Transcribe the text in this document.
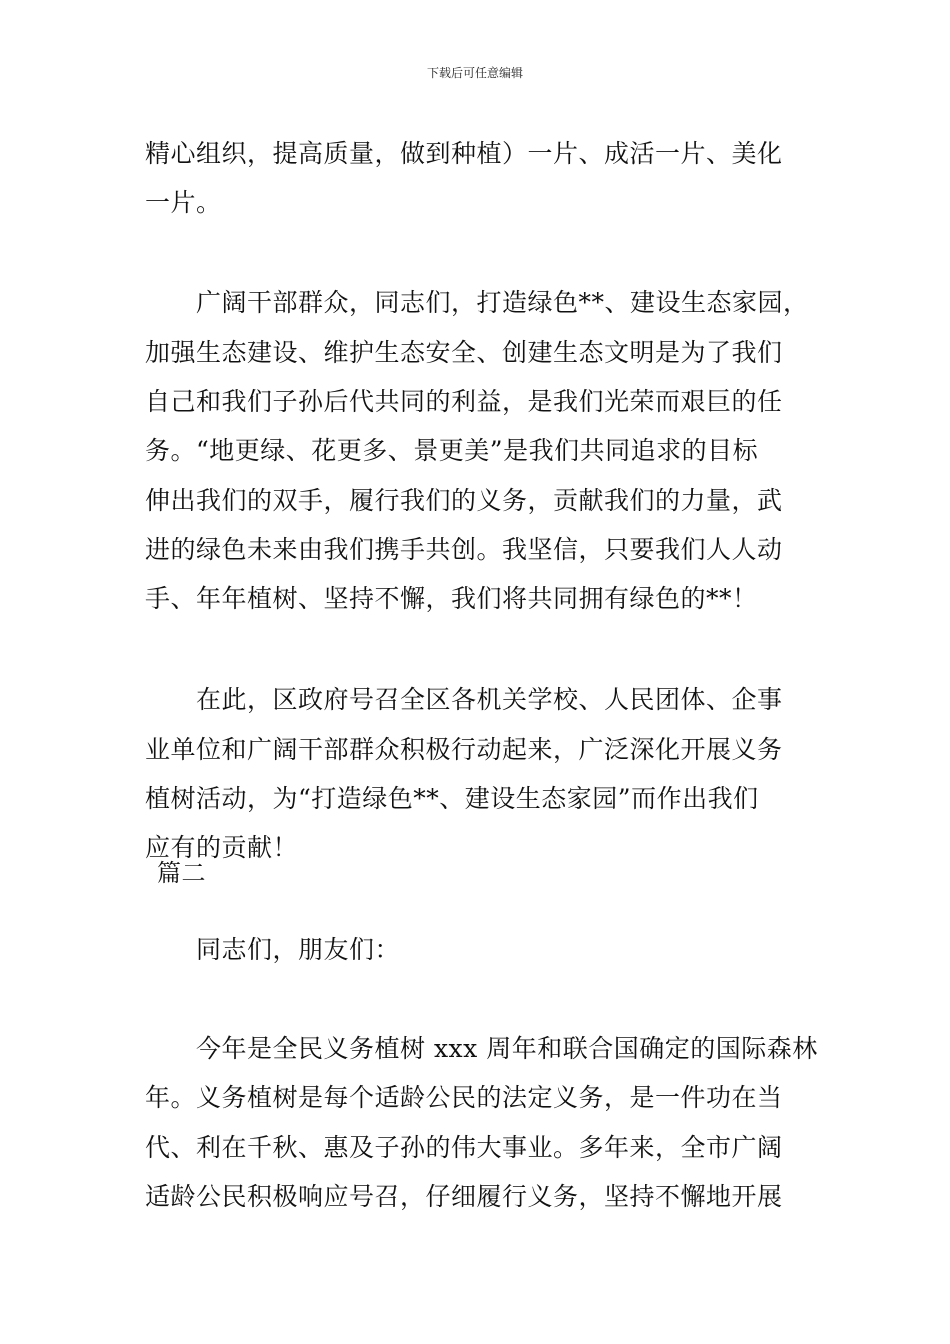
下载后可任意编辑
精心组织，提高质量，做到种植）一片、成活一片、美化
一片。
广阔干部群众，同志们，打造绿色**、建设生态家园，
加强生态建设、维护生态安全、创建生态文明是为了我们
自己和我们子孙后代共同的利益，是我们光荣而艰巨的任
务。“地更绿、花更多、景更美”是我们共同追求的目标
伸出我们的双手，履行我们的义务，贡献我们的力量，武
进的绿色未来由我们携手共创。我坚信，只要我们人人动
手、年年植树、坚持不懈，我们将共同拥有绿色的**！
在此，区政府号召全区各机关学校、人民团体、企事
业单位和广阔干部群众积极行动起来，广泛深化开展义务
植树活动，为“打造绿色**、建设生态家园”而作出我们
应有的贡献！
篇二
同志们，朋友们：
今年是全民义务植树 xxx 周年和联合国确定的国际森林
年。义务植树是每个适龄公民的法定义务，是一件功在当
代、利在千秋、惠及子孙的伟大事业。多年来，全市广阔
适龄公民积极响应号召，仔细履行义务，坚持不懈地开展
